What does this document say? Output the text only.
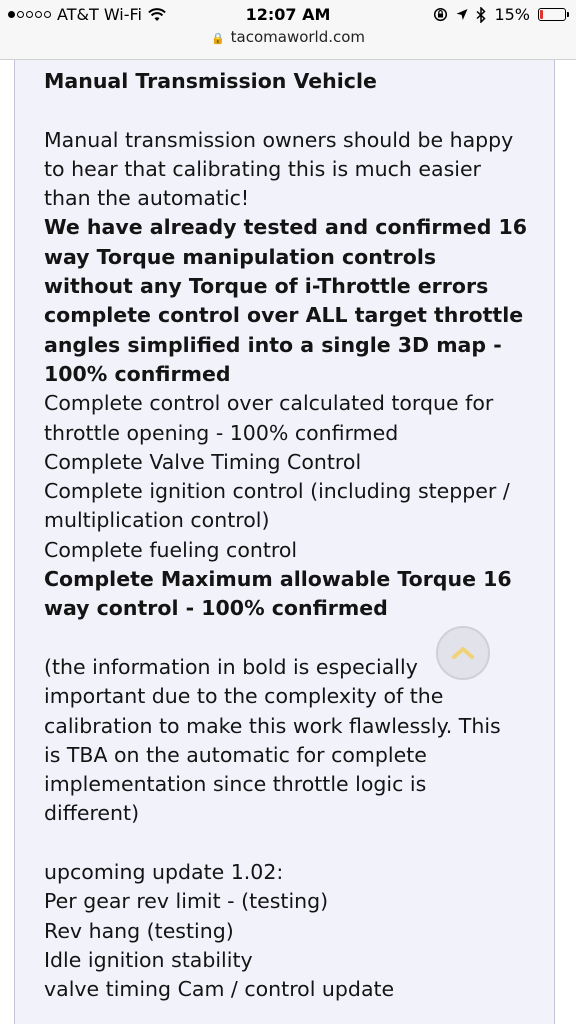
AT&T Wi-Fi	12:07 AM	15%
🔒 tacomaworld.com
Manual Transmission Vehicle
Manual transmission owners should be happy
to hear that calibrating this is much easier
than the automatic!
We have already tested and confirmed 16
way Torque manipulation controls
without any Torque of i-Throttle errors
complete control over ALL target throttle
angles simplified into a single 3D map -
100% confirmed
Complete control over calculated torque for
throttle opening - 100% confirmed
Complete Valve Timing Control
Complete ignition control (including stepper /
multiplication control)
Complete fueling control
Complete Maximum allowable Torque 16
way control - 100% confirmed
(the information in bold is especially
important due to the complexity of the
calibration to make this work flawlessly. This
is TBA on the automatic for complete
implementation since throttle logic is
different)
upcoming update 1.02:
Per gear rev limit - (testing)
Rev hang (testing)
Idle ignition stability
valve timing Cam / control update
